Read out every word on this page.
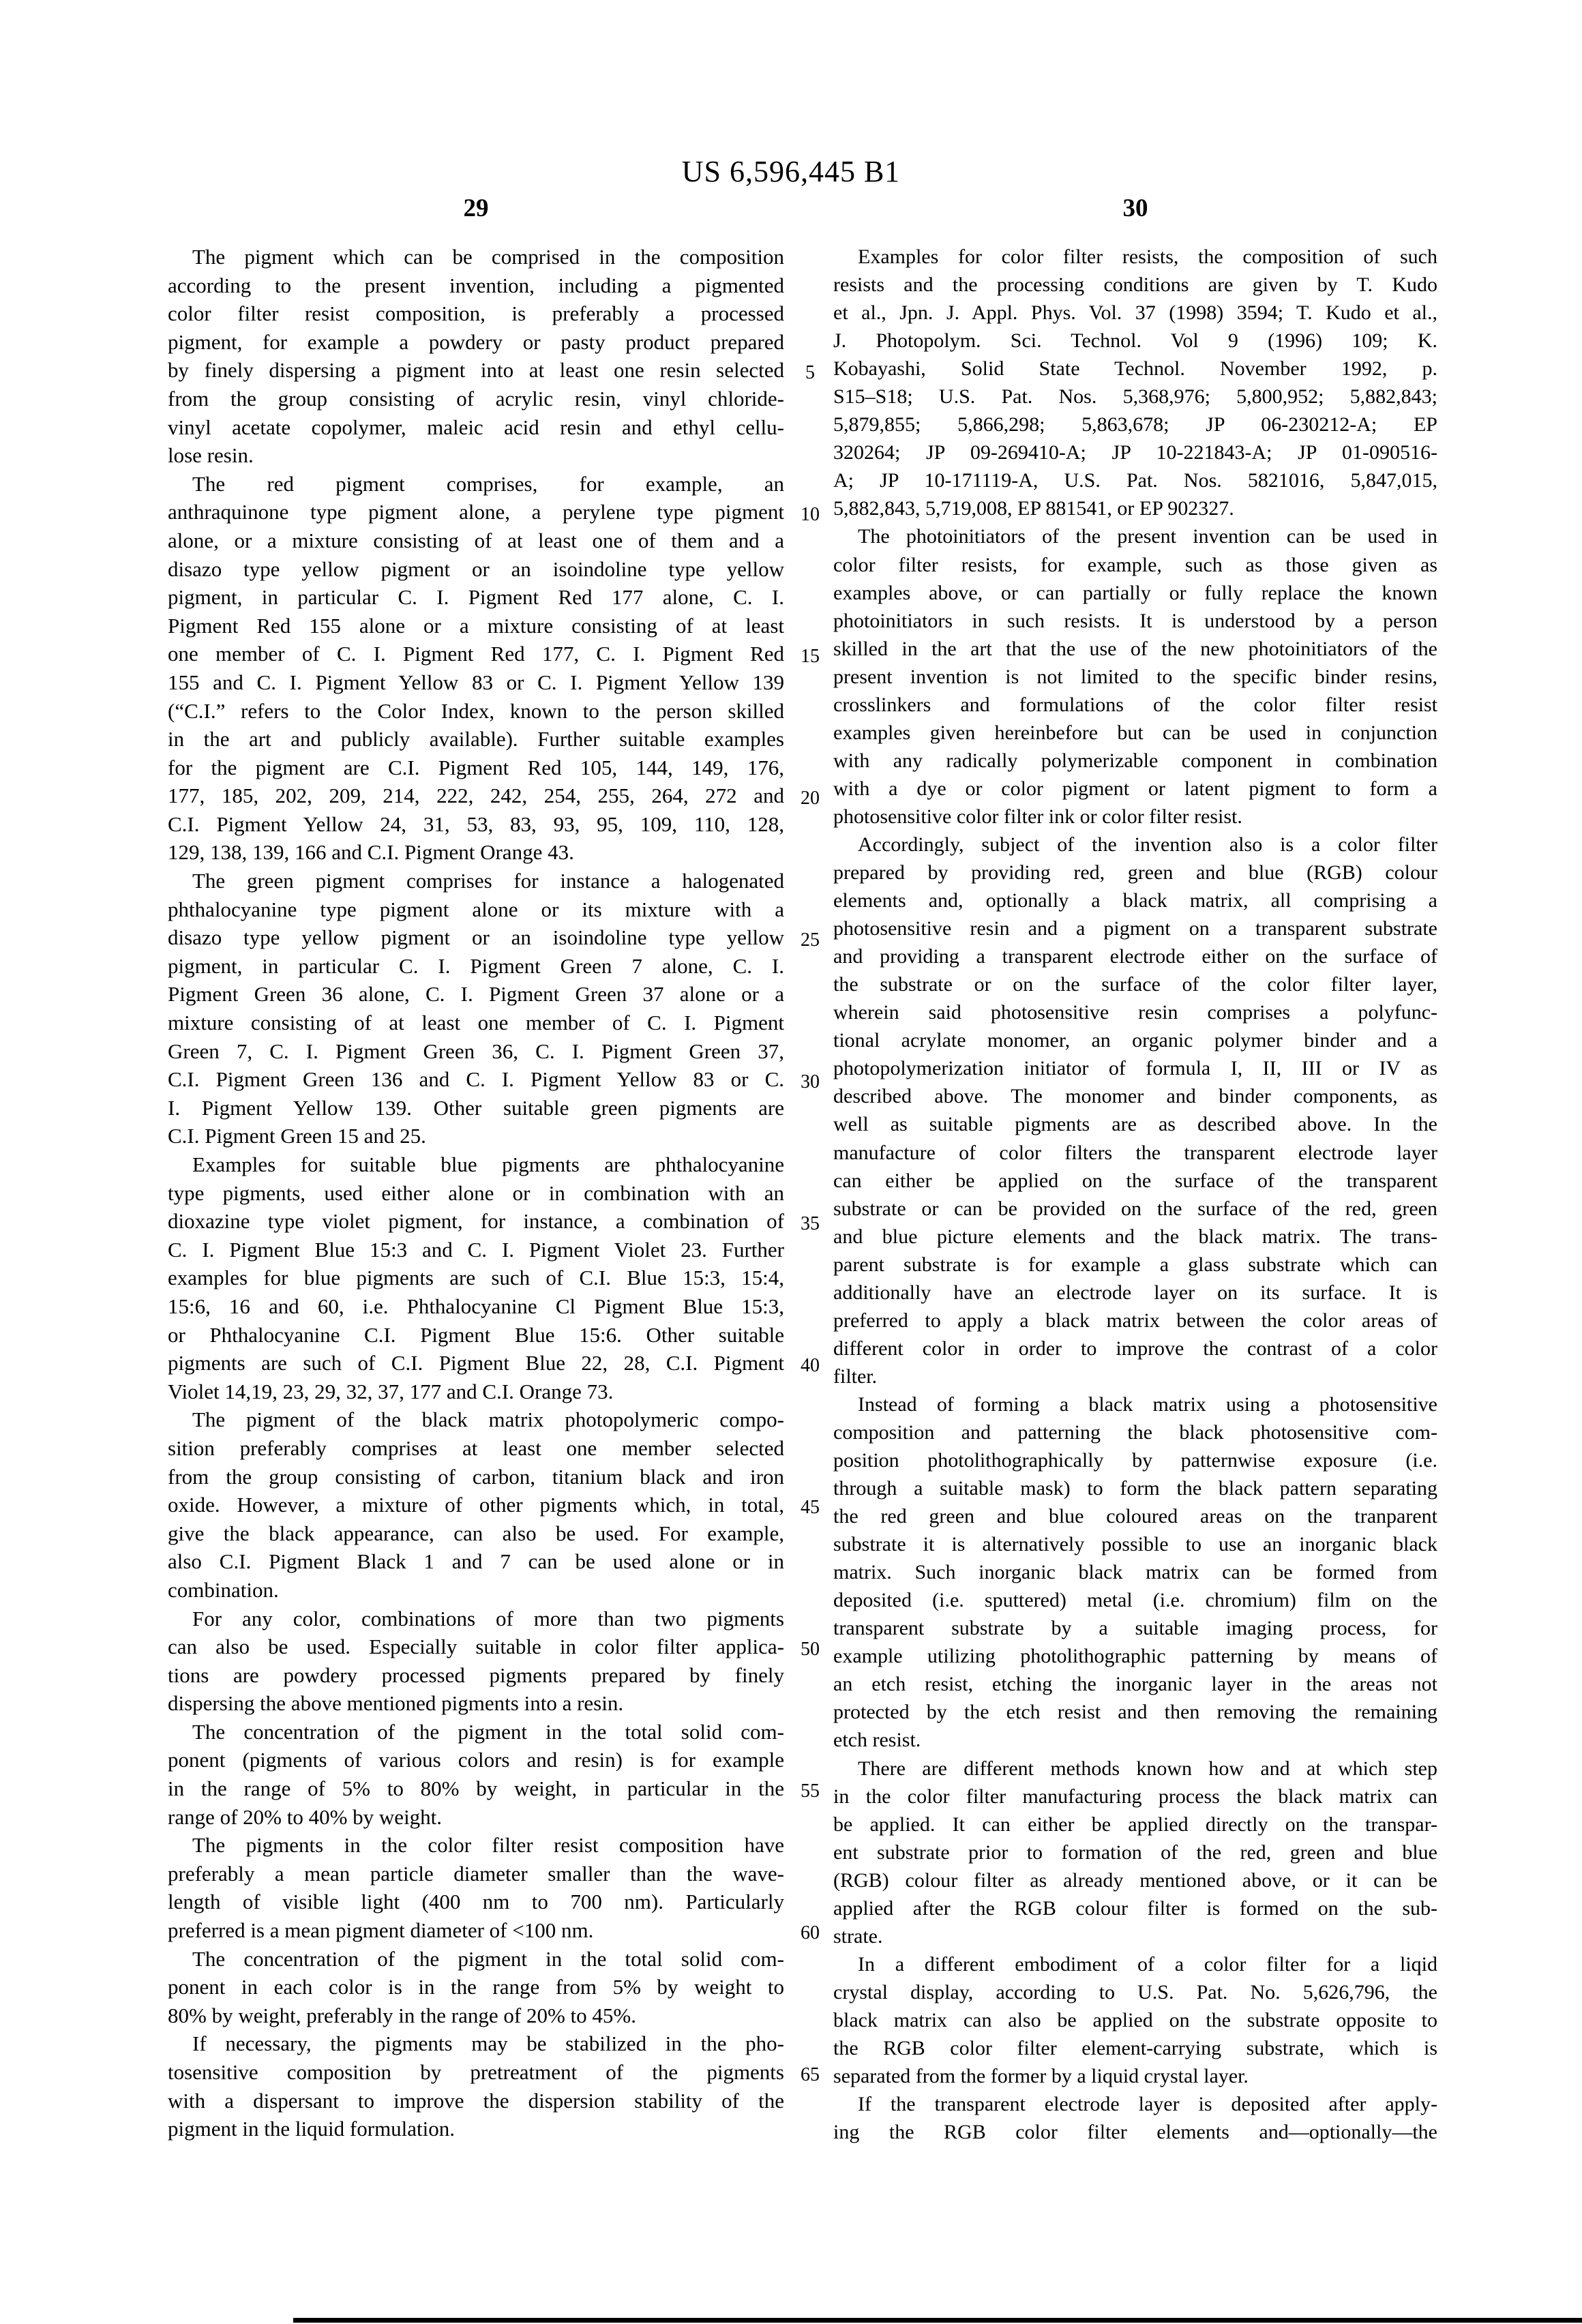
US 6,596,445 B1
29	30
The pigment which can be comprised in the composition
according to the present invention, including a pigmented
color filter resist composition, is preferably a processed
pigment, for example a powdery or pasty product prepared
by finely dispersing a pigment into at least one resin selected
from the group consisting of acrylic resin, vinyl chloride-
vinyl acetate copolymer, maleic acid resin and ethyl cellu-
lose resin.
The red pigment comprises, for example, an
anthraquinone type pigment alone, a perylene type pigment
alone, or a mixture consisting of at least one of them and a
disazo type yellow pigment or an isoindoline type yellow
pigment, in particular C. I. Pigment Red 177 alone, C. I.
Pigment Red 155 alone or a mixture consisting of at least
one member of C. I. Pigment Red 177, C. I. Pigment Red
155 and C. I. Pigment Yellow 83 or C. I. Pigment Yellow 139
(“C.I.” refers to the Color Index, known to the person skilled
in the art and publicly available). Further suitable examples
for the pigment are C.I. Pigment Red 105, 144, 149, 176,
177, 185, 202, 209, 214, 222, 242, 254, 255, 264, 272 and
C.I. Pigment Yellow 24, 31, 53, 83, 93, 95, 109, 110, 128,
129, 138, 139, 166 and C.I. Pigment Orange 43.
The green pigment comprises for instance a halogenated
phthalocyanine type pigment alone or its mixture with a
disazo type yellow pigment or an isoindoline type yellow
pigment, in particular C. I. Pigment Green 7 alone, C. I.
Pigment Green 36 alone, C. I. Pigment Green 37 alone or a
mixture consisting of at least one member of C. I. Pigment
Green 7, C. I. Pigment Green 36, C. I. Pigment Green 37,
C.I. Pigment Green 136 and C. I. Pigment Yellow 83 or C.
I. Pigment Yellow 139. Other suitable green pigments are
C.I. Pigment Green 15 and 25.
Examples for suitable blue pigments are phthalocyanine
type pigments, used either alone or in combination with an
dioxazine type violet pigment, for instance, a combination of
C. I. Pigment Blue 15:3 and C. I. Pigment Violet 23. Further
examples for blue pigments are such of C.I. Blue 15:3, 15:4,
15:6, 16 and 60, i.e. Phthalocyanine Cl Pigment Blue 15:3,
or Phthalocyanine C.I. Pigment Blue 15:6. Other suitable
pigments are such of C.I. Pigment Blue 22, 28, C.I. Pigment
Violet 14,19, 23, 29, 32, 37, 177 and C.I. Orange 73.
The pigment of the black matrix photopolymeric compo-
sition preferably comprises at least one member selected
from the group consisting of carbon, titanium black and iron
oxide. However, a mixture of other pigments which, in total,
give the black appearance, can also be used. For example,
also C.I. Pigment Black 1 and 7 can be used alone or in
combination.
For any color, combinations of more than two pigments
can also be used. Especially suitable in color filter applica-
tions are powdery processed pigments prepared by finely
dispersing the above mentioned pigments into a resin.
The concentration of the pigment in the total solid com-
ponent (pigments of various colors and resin) is for example
in the range of 5% to 80% by weight, in particular in the
range of 20% to 40% by weight.
The pigments in the color filter resist composition have
preferably a mean particle diameter smaller than the wave-
length of visible light (400 nm to 700 nm). Particularly
preferred is a mean pigment diameter of <100 nm.
The concentration of the pigment in the total solid com-
ponent in each color is in the range from 5% by weight to
80% by weight, preferably in the range of 20% to 45%.
If necessary, the pigments may be stabilized in the pho-
tosensitive composition by pretreatment of the pigments
with a dispersant to improve the dispersion stability of the
pigment in the liquid formulation.
5
10
15
20
25
30
35
40
45
50
55
60
65
Examples for color filter resists, the composition of such
resists and the processing conditions are given by T. Kudo
et al., Jpn. J. Appl. Phys. Vol. 37 (1998) 3594; T. Kudo et al.,
J. Photopolym. Sci. Technol. Vol 9 (1996) 109; K.
Kobayashi, Solid State Technol. November 1992, p.
S15–S18; U.S. Pat. Nos. 5,368,976; 5,800,952; 5,882,843;
5,879,855; 5,866,298; 5,863,678; JP 06-230212-A; EP
320264; JP 09-269410-A; JP 10-221843-A; JP 01-090516-
A; JP 10-171119-A, U.S. Pat. Nos. 5821016, 5,847,015,
5,882,843, 5,719,008, EP 881541, or EP 902327.
The photoinitiators of the present invention can be used in
color filter resists, for example, such as those given as
examples above, or can partially or fully replace the known
photoinitiators in such resists. It is understood by a person
skilled in the art that the use of the new photoinitiators of the
present invention is not limited to the specific binder resins,
crosslinkers and formulations of the color filter resist
examples given hereinbefore but can be used in conjunction
with any radically polymerizable component in combination
with a dye or color pigment or latent pigment to form a
photosensitive color filter ink or color filter resist.
Accordingly, subject of the invention also is a color filter
prepared by providing red, green and blue (RGB) colour
elements and, optionally a black matrix, all comprising a
photosensitive resin and a pigment on a transparent substrate
and providing a transparent electrode either on the surface of
the substrate or on the surface of the color filter layer,
wherein said photosensitive resin comprises a polyfunc-
tional acrylate monomer, an organic polymer binder and a
photopolymerization initiator of formula I, II, III or IV as
described above. The monomer and binder components, as
well as suitable pigments are as described above. In the
manufacture of color filters the transparent electrode layer
can either be applied on the surface of the transparent
substrate or can be provided on the surface of the red, green
and blue picture elements and the black matrix. The trans-
parent substrate is for example a glass substrate which can
additionally have an electrode layer on its surface. It is
preferred to apply a black matrix between the color areas of
different color in order to improve the contrast of a color
filter.
Instead of forming a black matrix using a photosensitive
composition and patterning the black photosensitive com-
position photolithographically by patternwise exposure (i.e.
through a suitable mask) to form the black pattern separating
the red green and blue coloured areas on the tranparent
substrate it is alternatively possible to use an inorganic black
matrix. Such inorganic black matrix can be formed from
deposited (i.e. sputtered) metal (i.e. chromium) film on the
transparent substrate by a suitable imaging process, for
example utilizing photolithographic patterning by means of
an etch resist, etching the inorganic layer in the areas not
protected by the etch resist and then removing the remaining
etch resist.
There are different methods known how and at which step
in the color filter manufacturing process the black matrix can
be applied. It can either be applied directly on the transpar-
ent substrate prior to formation of the red, green and blue
(RGB) colour filter as already mentioned above, or it can be
applied after the RGB colour filter is formed on the sub-
strate.
In a different embodiment of a color filter for a liqid
crystal display, according to U.S. Pat. No. 5,626,796, the
black matrix can also be applied on the substrate opposite to
the RGB color filter element-carrying substrate, which is
separated from the former by a liquid crystal layer.
If the transparent electrode layer is deposited after apply-
ing the RGB color filter elements and—optionally—the
